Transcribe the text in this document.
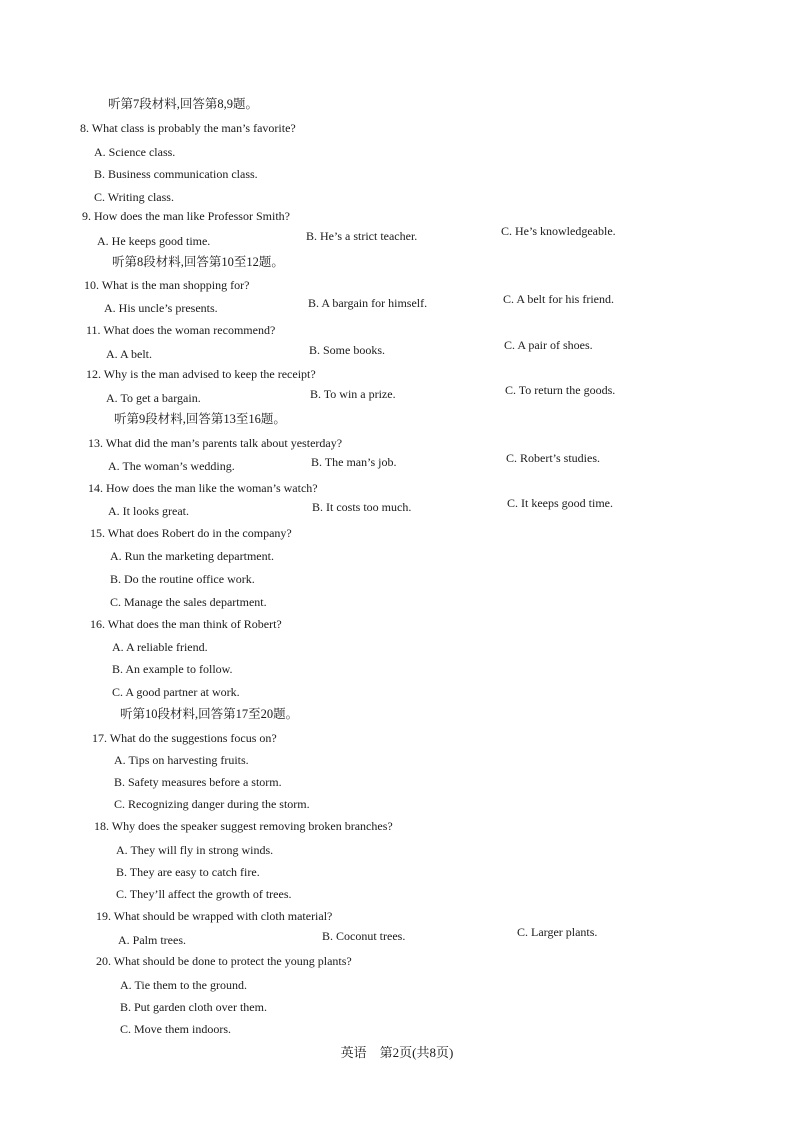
听第7段材料,回答第8,9题。
8. What class is probably the man’s favorite?
A. Science class.
B. Business communication class.
C. Writing class.
9. How does the man like Professor Smith?
A. He keeps good time.	B. He’s a strict teacher.	C. He’s knowledgeable.
听第8段材料,回答第10至12题。
10. What is the man shopping for?
A. His uncle’s presents.	B. A bargain for himself.	C. A belt for his friend.
11. What does the woman recommend?
A. A belt.	B. Some books.	C. A pair of shoes.
12. Why is the man advised to keep the receipt?
A. To get a bargain.	B. To win a prize.	C. To return the goods.
听第9段材料,回答第13至16题。
13. What did the man’s parents talk about yesterday?
A. The woman’s wedding.	B. The man’s job.	C. Robert’s studies.
14. How does the man like the woman’s watch?
A. It looks great.	B. It costs too much.	C. It keeps good time.
15. What does Robert do in the company?
A. Run the marketing department.
B. Do the routine office work.
C. Manage the sales department.
16. What does the man think of Robert?
A. A reliable friend.
B. An example to follow.
C. A good partner at work.
听第10段材料,回答第17至20题。
17. What do the suggestions focus on?
A. Tips on harvesting fruits.
B. Safety measures before a storm.
C. Recognizing danger during the storm.
18. Why does the speaker suggest removing broken branches?
A. They will fly in strong winds.
B. They are easy to catch fire.
C. They’ll affect the growth of trees.
19. What should be wrapped with cloth material?
A. Palm trees.	B. Coconut trees.	C. Larger plants.
20. What should be done to protect the young plants?
A. Tie them to the ground.
B. Put garden cloth over them.
C. Move them indoors.
英语　第2页(共8页)
